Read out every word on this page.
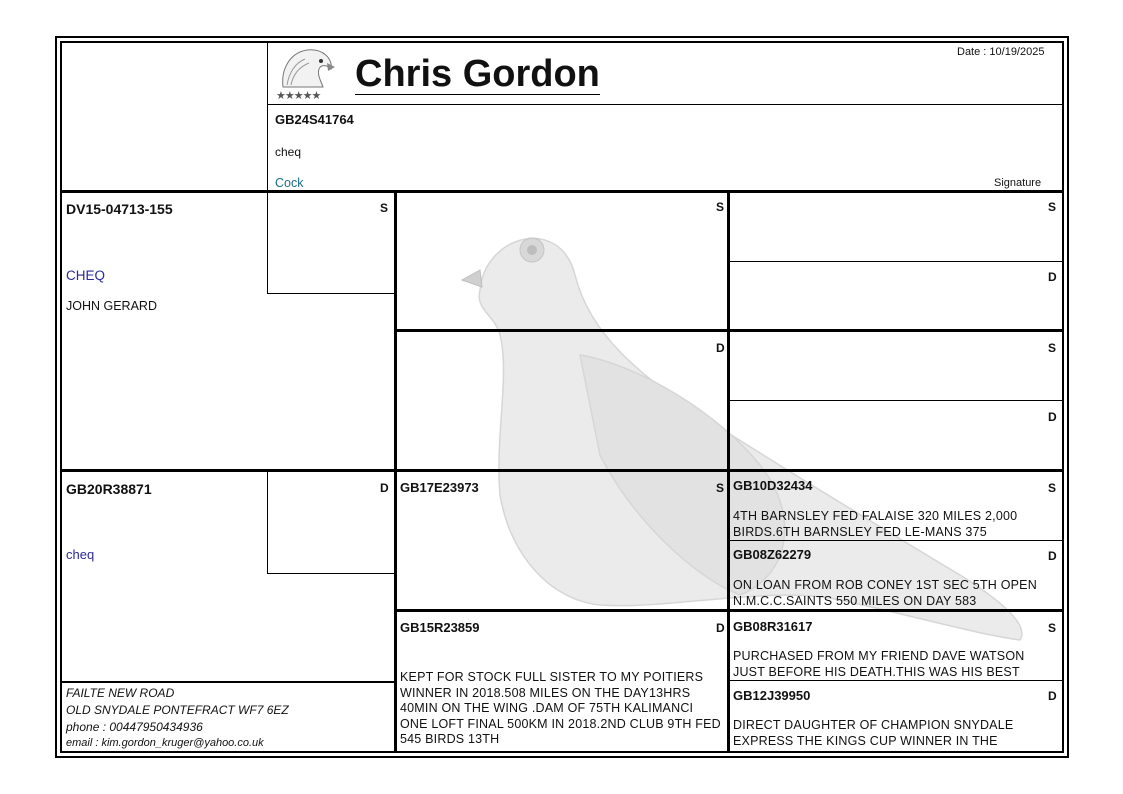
★★★★★
Chris Gordon
Date : 10/19/2025
GB24S41764
cheq
Cock	Signature
DV15-04713-155
CHEQ
JOHN GERARD
S
GB20R38871
cheq
D
FAILTE NEW ROAD
OLD SNYDALE PONTEFRACT WF7 6EZ
phone : 00447950434936
email : kim.gordon_kruger@yahoo.co.uk
S
D
GB17E23973	S
GB15R23859	D
KEPT FOR STOCK FULL SISTER TO MY POITIERS WINNER IN 2018.508 MILES ON THE DAY13HRS 40MIN ON THE WING .DAM OF 75TH KALIMANCI ONE LOFT FINAL 500KM IN 2018.2ND CLUB 9TH FED 545 BIRDS 13TH
S
D
S
D
GB10D32434	S
4TH BARNSLEY FED FALAISE 320 MILES 2,000 BIRDS.6TH BARNSLEY FED LE-MANS 375
GB08Z62279	D
ON LOAN FROM ROB CONEY 1ST SEC 5TH OPEN N.M.C.C.SAINTS 550 MILES ON DAY 583
GB08R31617	S
PURCHASED FROM MY FRIEND DAVE WATSON JUST BEFORE HIS DEATH.THIS WAS HIS BEST
GB12J39950	D
DIRECT DAUGHTER OF CHAMPION SNYDALE EXPRESS THE KINGS CUP WINNER IN THE
